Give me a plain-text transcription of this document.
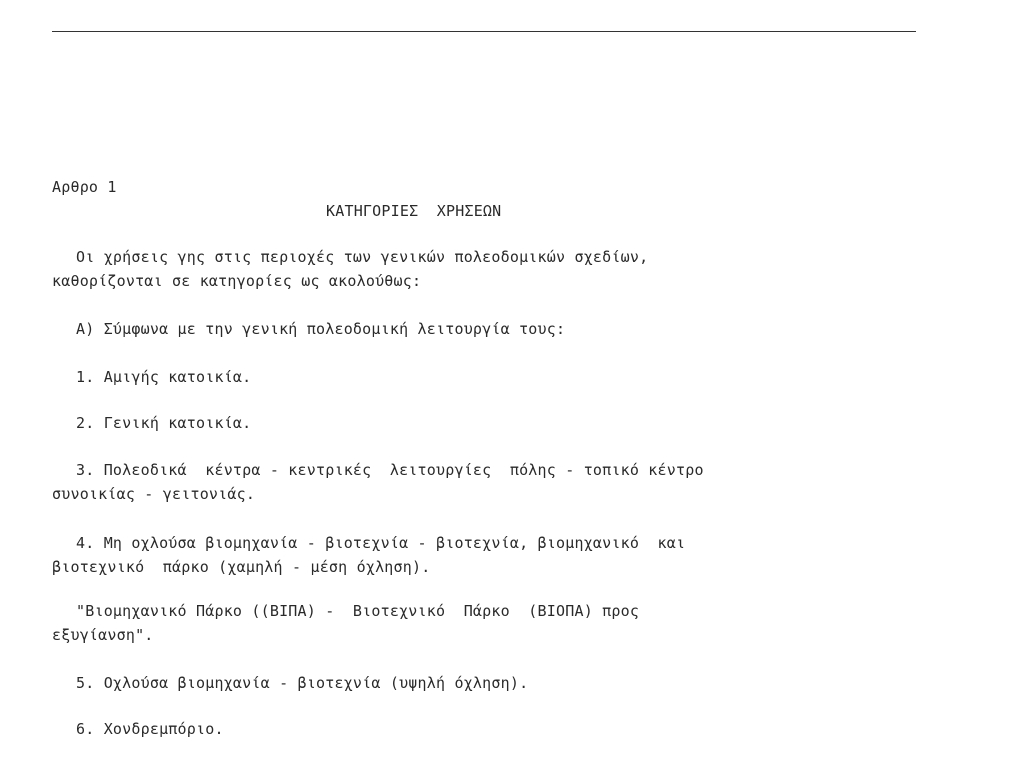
Αρθρο 1
ΚΑΤΗΓΟΡΙΕΣ  ΧΡΗΣΕΩΝ
Οι χρήσεις γης στις περιοχές των γενικών πολεοδομικών σχεδίων,
καθορίζονται σε κατηγορίες ως ακολούθως:
Α) Σύμφωνα με την γενική πολεοδομική λειτουργία τους:
1. Αμιγής κατοικία.
2. Γενική κατοικία.
3. Πολεοδικά  κέντρα - κεντρικές  λειτουργίες  πόλης - τοπικό κέντρο
συνοικίας - γειτονιάς.
4. Μη οχλούσα βιομηχανία - βιοτεχνία - βιοτεχνία, βιομηχανικό  και
βιοτεχνικό  πάρκο (χαμηλή - μέση όχληση).
"Βιομηχανικό Πάρκο ((ΒΙΠΑ) -  Βιοτεχνικό  Πάρκο  (ΒΙΟΠΑ) προς
εξυγίανση".
5. Οχλούσα βιομηχανία - βιοτεχνία (υψηλή όχληση).
6. Χονδρεμπόριο.
